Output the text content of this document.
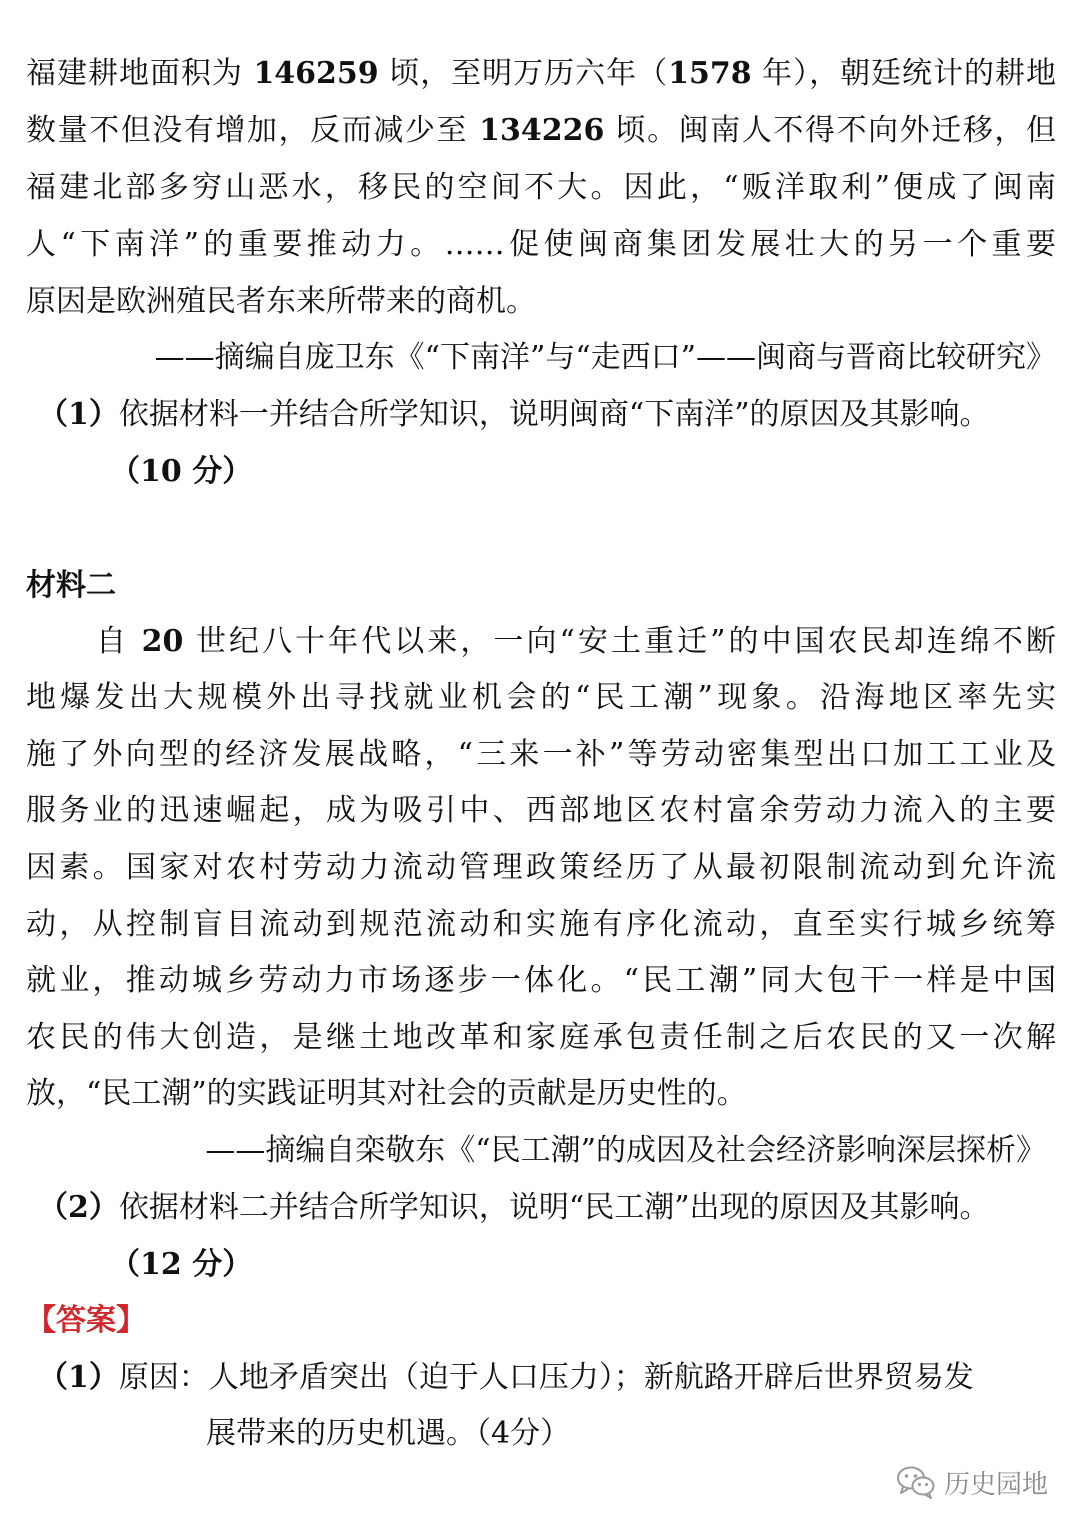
福建耕地面积为 146259 顷，至明万历六年（1578 年），朝廷统计的耕地
数量不但没有增加，反而减少至 134226 顷。闽南人不得不向外迁移，但
福建北部多穷山恶水，移民的空间不大。因此，“贩洋取利”便成了闽南
人“下南洋”的重要推动力。……促使闽商集团发展壮大的另一个重要
原因是欧洲殖民者东来所带来的商机。
——摘编自庞卫东《“下南洋”与“走西口”——闽商与晋商比较研究》
（1）依据材料一并结合所学知识，说明闽商“下南洋”的原因及其影响。
（10 分）
材料二
自 20 世纪八十年代以来，一向“安土重迁”的中国农民却连绵不断
地爆发出大规模外出寻找就业机会的“民工潮”现象。沿海地区率先实
施了外向型的经济发展战略，“三来一补”等劳动密集型出口加工工业及
服务业的迅速崛起，成为吸引中、西部地区农村富余劳动力流入的主要
因素。国家对农村劳动力流动管理政策经历了从最初限制流动到允许流
动，从控制盲目流动到规范流动和实施有序化流动，直至实行城乡统筹
就业，推动城乡劳动力市场逐步一体化。“民工潮”同大包干一样是中国
农民的伟大创造，是继土地改革和家庭承包责任制之后农民的又一次解
放，“民工潮”的实践证明其对社会的贡献是历史性的。
——摘编自栾敬东《“民工潮”的成因及社会经济影响深层探析》
（2）依据材料二并结合所学知识，说明“民工潮”出现的原因及其影响。
（12 分）
【答案】
（1）原因：人地矛盾突出（迫于人口压力）；新航路开辟后世界贸易发
展带来的历史机遇。（4分）
历史园地
